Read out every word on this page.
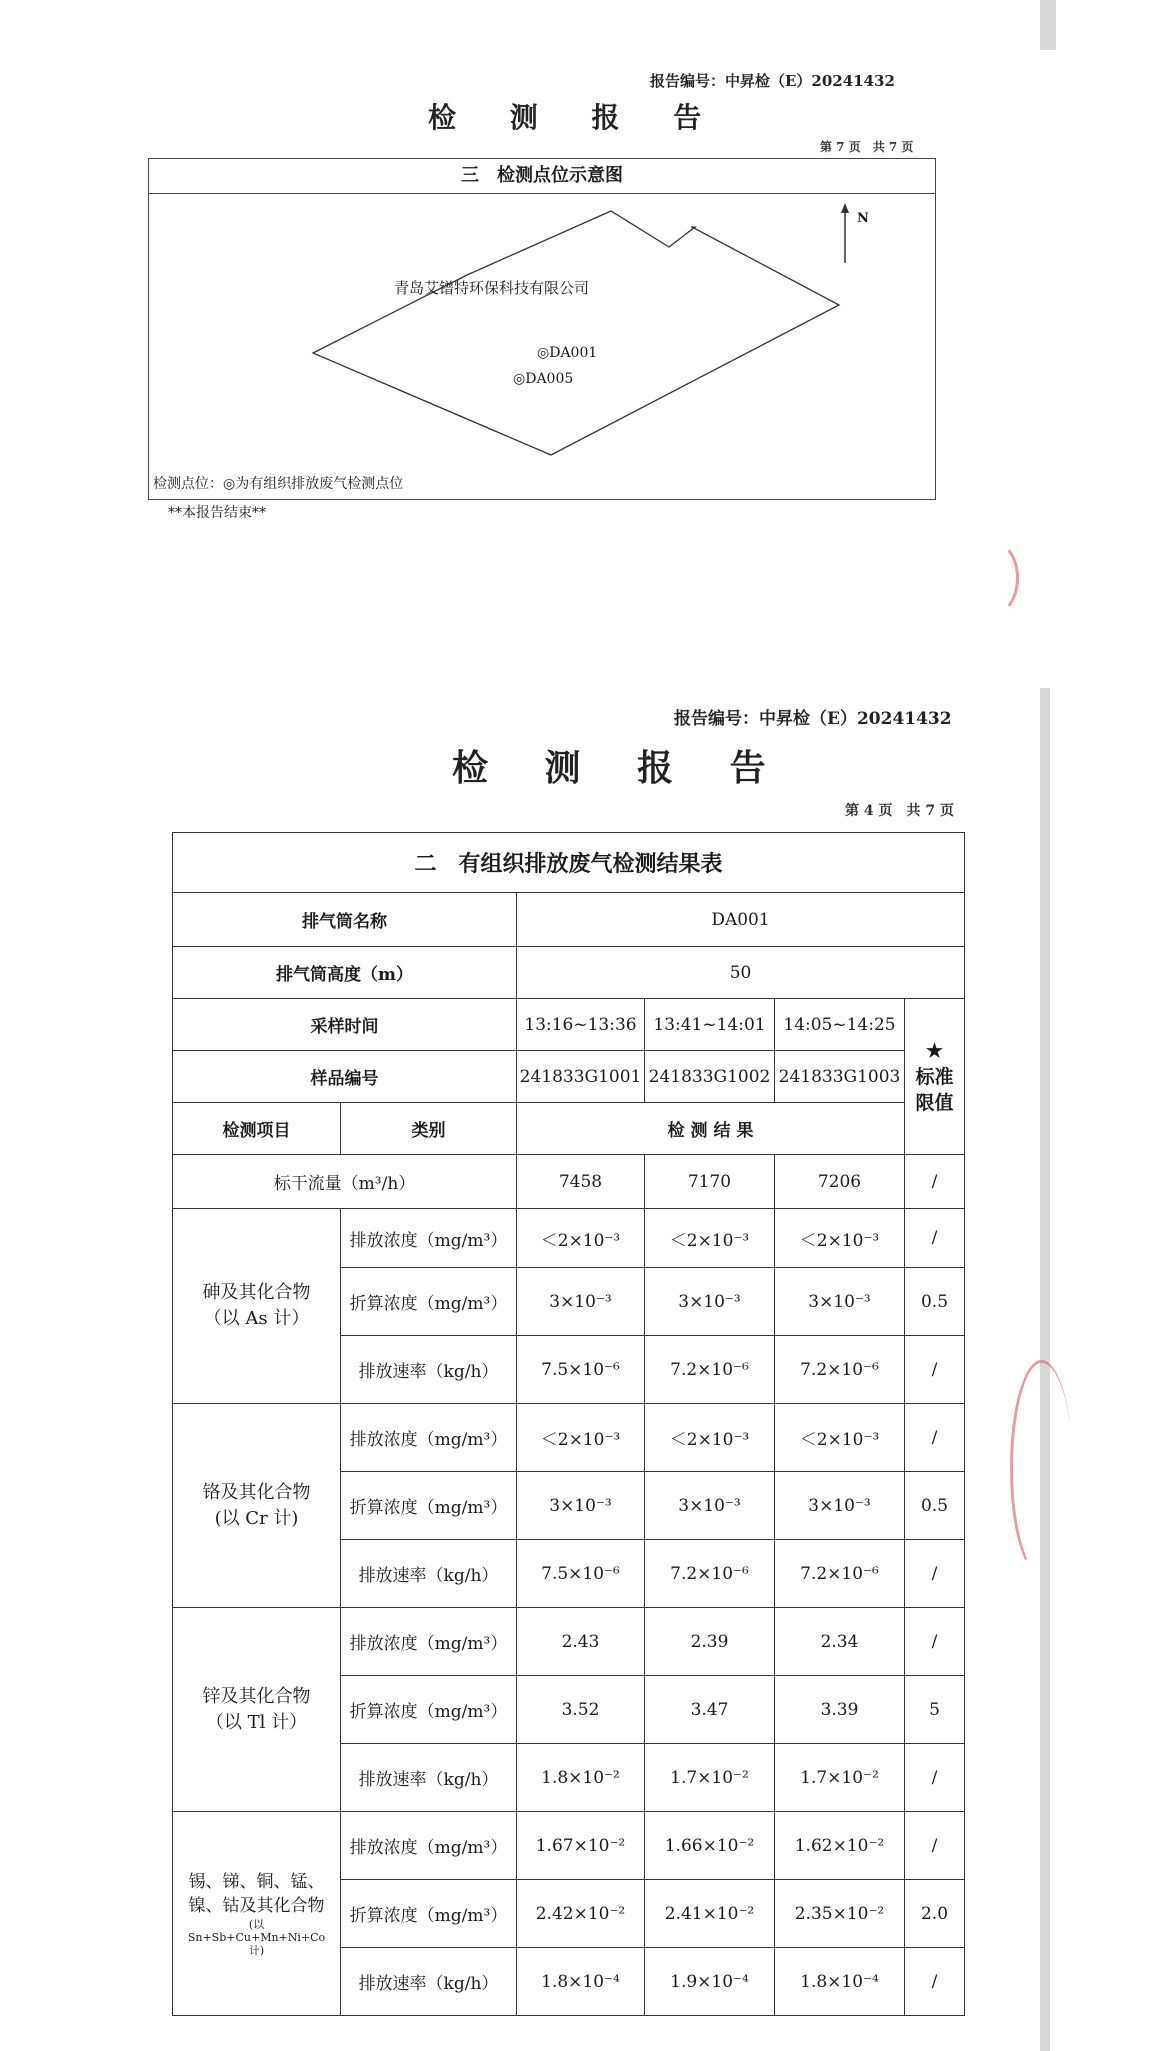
报告编号：中昇检（E）20241432
检 测 报 告
第 7 页　共 7 页
三　检测点位示意图
青岛艾镨特环保科技有限公司
N
◎DA001
◎DA005
检测点位：◎为有组织排放废气检测点位
**本报告结束**
报告编号：中昇检（E）20241432
检 测 报 告
第 4 页　共 7 页
二　有组织排放废气检测结果表					
排气筒名称		DA001			
排气筒高度（m）		50			
采样时间		13:16~13:36	13:41~14:01	14:05~14:25	★
标准限值
样品编号		241833G1001	241833G1002	241833G1003	
检测项目	类别	检 测 结 果			
标干流量（m³/h）		7458	7170	7206	/
砷及其化合物
（以 As 计）	排放浓度（mg/m³）	＜2×10⁻³	＜2×10⁻³	＜2×10⁻³	/
	折算浓度（mg/m³）	3×10⁻³	3×10⁻³	3×10⁻³	0.5
	排放速率（kg/h）	7.5×10⁻⁶	7.2×10⁻⁶	7.2×10⁻⁶	/
铬及其化合物
(以 Cr 计)	排放浓度（mg/m³）	＜2×10⁻³	＜2×10⁻³	＜2×10⁻³	/
	折算浓度（mg/m³）	3×10⁻³	3×10⁻³	3×10⁻³	0.5
	排放速率（kg/h）	7.5×10⁻⁶	7.2×10⁻⁶	7.2×10⁻⁶	/
锌及其化合物
（以 Tl 计）	排放浓度（mg/m³）	2.43	2.39	2.34	/
	折算浓度（mg/m³）	3.52	3.47	3.39	5
	排放速率（kg/h）	1.8×10⁻²	1.7×10⁻²	1.7×10⁻²	/
锡、锑、铜、锰、镍、钴及其化合物
(以 Sn+Sb+Cu+Mn+Ni+Co 计)	排放浓度（mg/m³）	1.67×10⁻²	1.66×10⁻²	1.62×10⁻²	/
	折算浓度（mg/m³）	2.42×10⁻²	2.41×10⁻²	2.35×10⁻²	2.0
	排放速率（kg/h）	1.8×10⁻⁴	1.9×10⁻⁴	1.8×10⁻⁴	/
